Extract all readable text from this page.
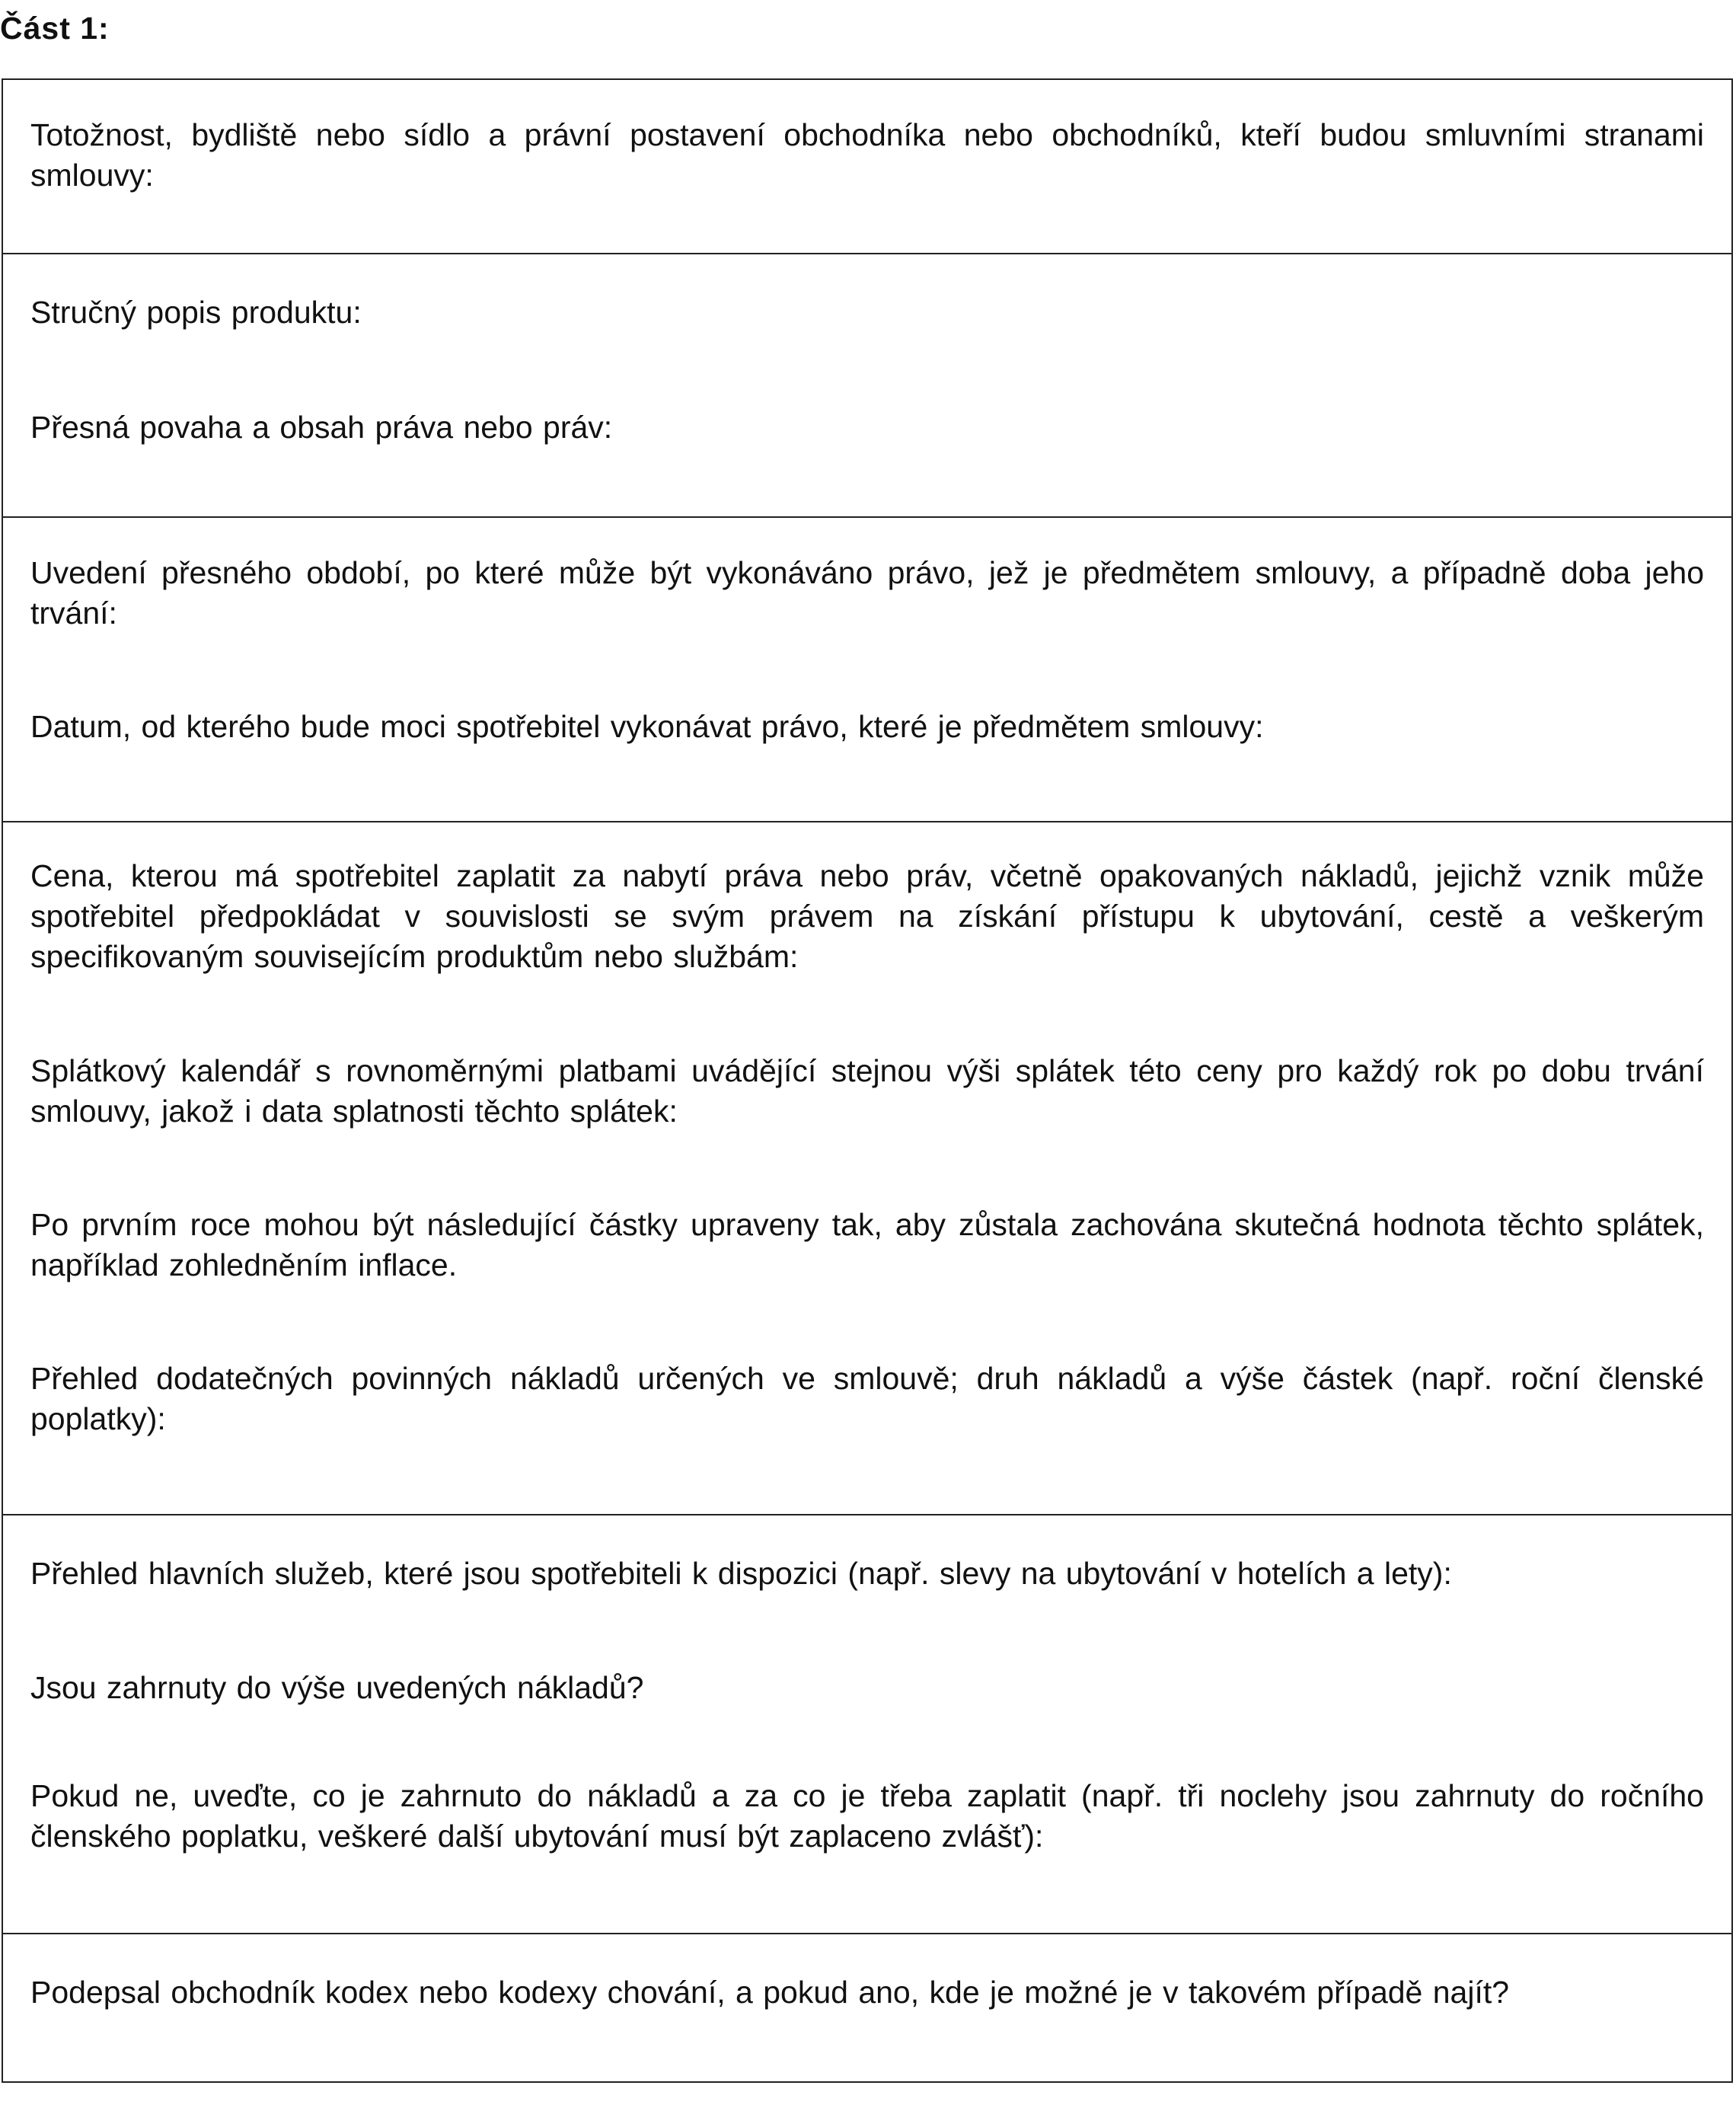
Část 1:

Totožnost, bydliště nebo sídlo a právní postavení obchodníka nebo obchodníků, kteří budou smluvními stranami smlouvy:

Stručný popis produktu:

Přesná povaha a obsah práva nebo práv:

Uvedení přesného období, po které může být vykonáváno právo, jež je předmětem smlouvy, a případně doba jeho trvání:

Datum, od kterého bude moci spotřebitel vykonávat právo, které je předmětem smlouvy:

Cena, kterou má spotřebitel zaplatit za nabytí práva nebo práv, včetně opakovaných nákladů, jejichž vznik může spotřebitel předpokládat v souvislosti se svým právem na získání přístupu k ubytování, cestě a veškerým specifikovaným souvisejícím produktům nebo službám:

Splátkový kalendář s rovnoměrnými platbami uvádějící stejnou výši splátek této ceny pro každý rok po dobu trvání smlouvy, jakož i data splatnosti těchto splátek:

Po prvním roce mohou být následující částky upraveny tak, aby zůstala zachována skutečná hodnota těchto splátek, například zohledněním inflace.

Přehled dodatečných povinných nákladů určených ve smlouvě; druh nákladů a výše částek (např. roční členské poplatky):

Přehled hlavních služeb, které jsou spotřebiteli k dispozici (např. slevy na ubytování v hotelích a lety):

Jsou zahrnuty do výše uvedených nákladů?

Pokud ne, uveďte, co je zahrnuto do nákladů a za co je třeba zaplatit (např. tři noclehy jsou zahrnuty do ročního členského poplatku, veškeré další ubytování musí být zaplaceno zvlášť):

Podepsal obchodník kodex nebo kodexy chování, a pokud ano, kde je možné je v takovém případě najít?
